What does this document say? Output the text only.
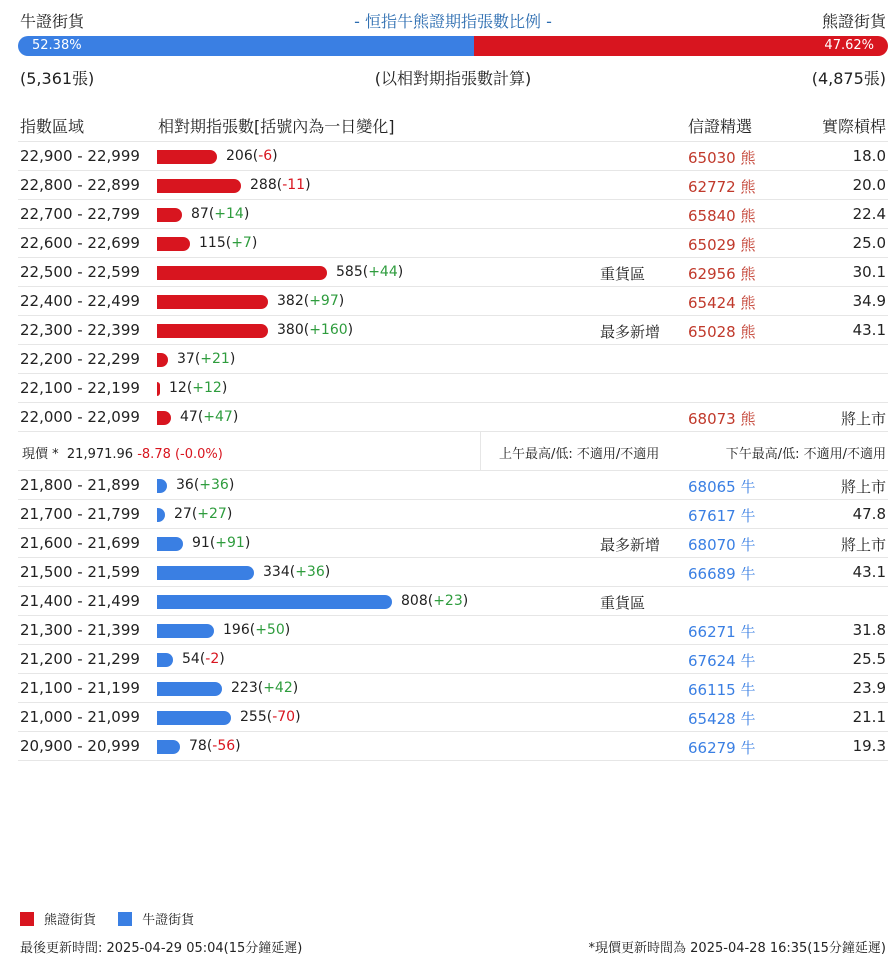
牛證街貨	- 恒指牛熊證期指張數比例 -	熊證街貨
52.38%	47.62%
(5,361張)	(以相對期指張數計算)	(4,875張)
指數區域	相對期指張數[括號內為一日變化]	信證精選	實際槓桿
22,900 - 22,999	206(-6)	65030 熊	18.0
22,800 - 22,899	288(-11)	62772 熊	20.0
22,700 - 22,799	87(+14)	65840 熊	22.4
22,600 - 22,699	115(+7)	65029 熊	25.0
22,500 - 22,599	585(+44)	重貨區	62956 熊	30.1
22,400 - 22,499	382(+97)	65424 熊	34.9
22,300 - 22,399	380(+160)	最多新增 65028 熊	43.1
22,200 - 22,299	37(+21)
22,100 - 22,199 12(+12)
22,000 - 22,099	47(+47)	68073 熊	將上市
現價 * 21,971.96 -8.78 (-0.0%)	上午最高/低: 不適用/不適用	下午最高/低: 不適用/不適用
21,800 - 21,899	36(+36)	68065 牛	將上市
21,700 - 21,799 27(+27)	67617 牛	47.8
21,600 - 21,699	91(+91)	最多新增 68070 牛	將上市
21,500 - 21,599	334(+36)	66689 牛	43.1
21,400 - 21,499	808(+23)	重貨區
21,300 - 21,399	196(+50)	66271 牛	31.8
21,200 - 21,299	54(-2)	67624 牛	25.5
21,100 - 21,199	223(+42)	66115 牛	23.9
21,000 - 21,099	255(-70)	65428 牛	21.1
20,900 - 20,999	78(-56)	66279 牛	19.3
熊證街貨	牛證街貨
最後更新時間: 2025-04-29 05:04(15分鐘延遲)	*現價更新時間為 2025-04-28 16:35(15分鐘延遲)
